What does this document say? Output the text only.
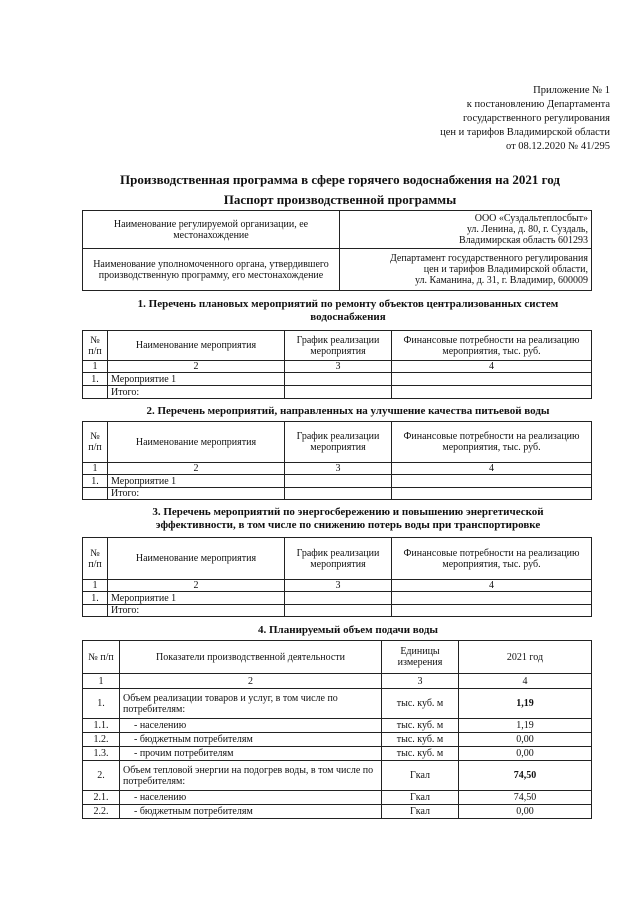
Приложение № 1
к постановлению Департамента
государственного регулирования
цен и тарифов Владимирской области
от 08.12.2020 № 41/295
Производственная программа в сфере горячего водоснабжения на 2021 год
Паспорт производственной программы
Наименование регулируемой организации, ее местонахождение	ООО «Суздальтеплосбыт»
ул. Ленина, д. 80, г. Суздаль,
Владимирская область 601293

Наименование уполномоченного органа, утвердившего производственную программу, его местонахождение	Департамент государственного регулирования
цен и тарифов Владимирской области,
ул. Каманина, д. 31, г. Владимир, 600009
1. Перечень плановых мероприятий по ремонту объектов централизованных систем
водоснабжения
№ п/п	Наименование мероприятия	График реализации мероприятия	Финансовые потребности на реализацию мероприятия, тыс. руб.
1	2	3	4
1.	Мероприятие 1		
	Итого:		
2. Перечень мероприятий, направленных на улучшение качества питьевой воды
№ п/п	Наименование мероприятия	График реализации мероприятия	Финансовые потребности на реализацию мероприятия, тыс. руб.
1	2	3	4
1.	Мероприятие 1		
	Итого:		
3. Перечень мероприятий по энергосбережению и повышению энергетической
эффективности, в том числе по снижению потерь воды при транспортировке
№ п/п	Наименование мероприятия	График реализации мероприятия	Финансовые потребности на реализацию мероприятия, тыс. руб.
1	2	3	4
1.	Мероприятие 1		
	Итого:		
4. Планируемый объем подачи воды
№ п/п	Показатели производственной деятельности	Единицы измерения	2021 год
1	2	3	4
1.	Объем реализации товаров и услуг, в том числе по потребителям:	тыс. куб. м	1,19
1.1.	- населению	тыс. куб. м	1,19
1.2.	- бюджетным потребителям	тыс. куб. м	0,00
1.3.	- прочим потребителям	тыс. куб. м	0,00
2.	Объем тепловой энергии на подогрев воды, в том числе по потребителям:	Гкал	74,50
2.1.	- населению	Гкал	74,50
2.2.	- бюджетным потребителям	Гкал	0,00
